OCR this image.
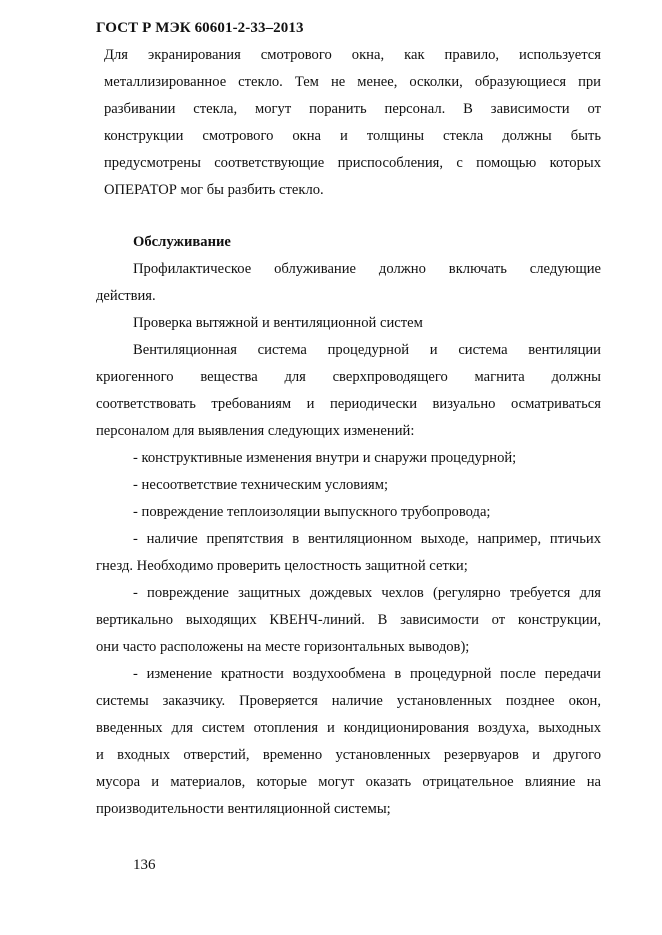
ГОСТ Р МЭК 60601-2-33–2013
Для экранирования смотрового окна, как правило, используется
металлизированное стекло. Тем не менее, осколки, образующиеся при
разбивании стекла, могут поранить персонал. В зависимости от
конструкции смотрового окна и толщины стекла должны быть
предусмотрены соответствующие приспособления, с помощью которых
ОПЕРАТОР мог бы разбить стекло.
Обслуживание
Профилактическое облуживание должно включать следующие
действия.
Проверка вытяжной и вентиляционной систем
Вентиляционная система процедурной и система вентиляции
криогенного вещества для сверхпроводящего магнита должны
соответствовать требованиям и периодически визуально осматриваться
персоналом для выявления следующих изменений:
- конструктивные изменения внутри и снаружи процедурной;
- несоответствие техническим условиям;
- повреждение теплоизоляции выпускного трубопровода;
- наличие препятствия в вентиляционном выходе, например, птичьих
гнезд. Необходимо проверить целостность защитной сетки;
- повреждение защитных дождевых чехлов (регулярно требуется для
вертикально выходящих КВЕНЧ-линий. В зависимости от конструкции,
они часто расположены на месте горизонтальных выводов);
- изменение кратности воздухообмена в процедурной после передачи
системы заказчику. Проверяется наличие установленных позднее окон,
введенных для систем отопления и кондиционирования воздуха, выходных
и входных отверстий, временно установленных резервуаров и другого
мусора и материалов, которые могут оказать отрицательное влияние на
производительности вентиляционной системы;
136
